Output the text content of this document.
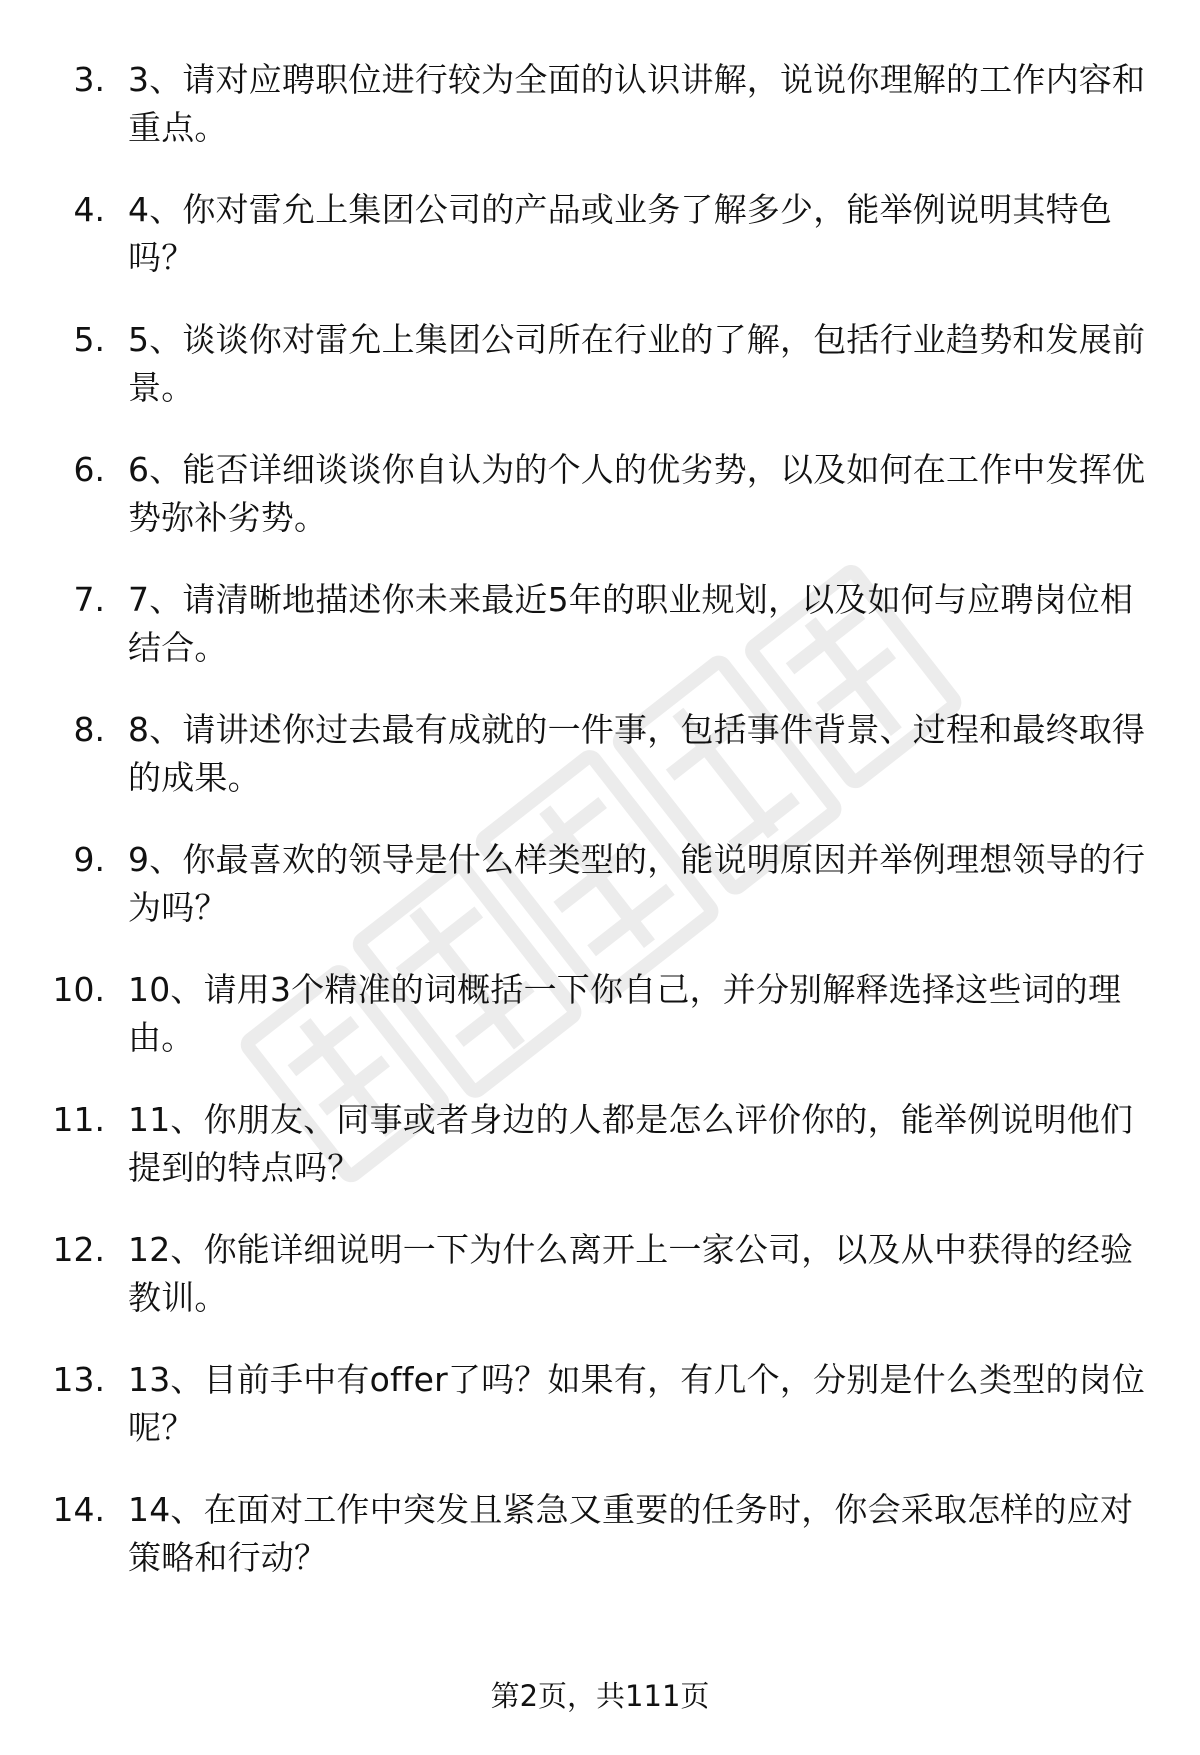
3. 3、请对应聘职位进行较为全面的认识讲解，说说你理解的工作内容和重点。
4. 4、你对雷允上集团公司的产品或业务了解多少，能举例说明其特色吗？
5. 5、谈谈你对雷允上集团公司所在行业的了解，包括行业趋势和发展前景。
6. 6、能否详细谈谈你自认为的个人的优劣势，以及如何在工作中发挥优势弥补劣势。
7. 7、请清晰地描述你未来最近5年的职业规划，以及如何与应聘岗位相结合。
8. 8、请讲述你过去最有成就的一件事，包括事件背景、过程和最终取得的成果。
9. 9、你最喜欢的领导是什么样类型的，能说明原因并举例理想领导的行为吗？
10. 10、请用3个精准的词概括一下你自己，并分别解释选择这些词的理由。
11. 11、你朋友、同事或者身边的人都是怎么评价你的，能举例说明他们提到的特点吗？
12. 12、你能详细说明一下为什么离开上一家公司，以及从中获得的经验教训。
13. 13、目前手中有offer了吗？如果有，有几个，分别是什么类型的岗位呢？
14. 14、在面对工作中突发且紧急又重要的任务时，你会采取怎样的应对策略和行动？
第2页，共111页
